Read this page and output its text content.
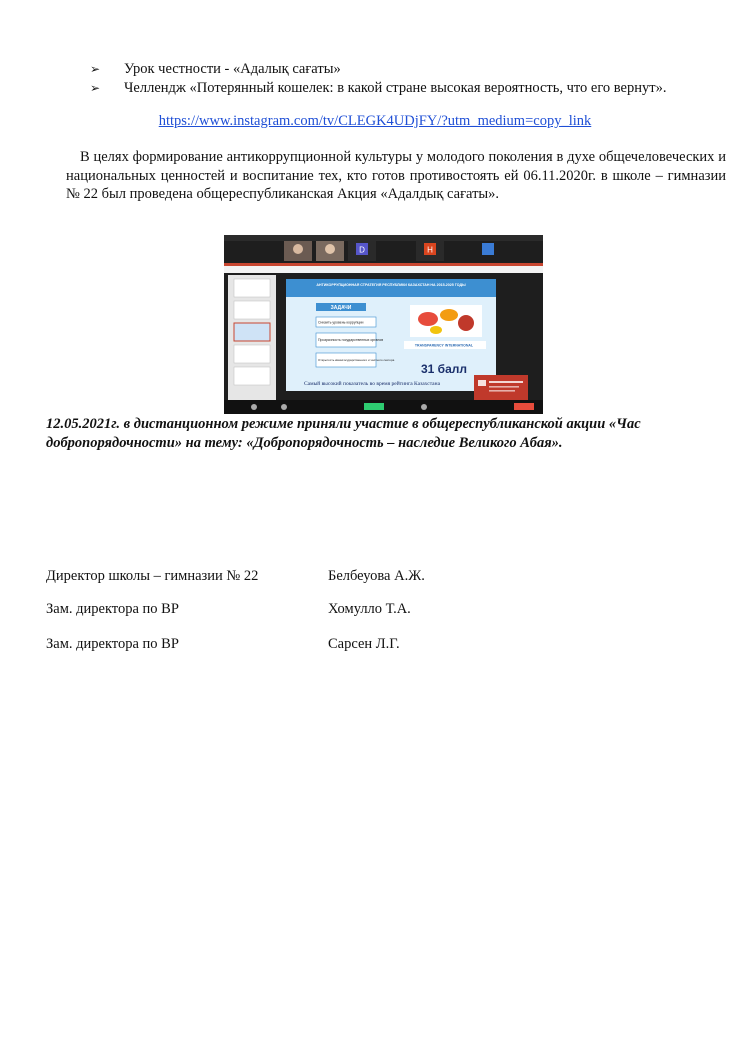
➢	Урок честности - «Адалық сағаты»
➢	Челлендж «Потерянный кошелек: в какой стране высокая вероятность, что его вернут».
https://www.instagram.com/tv/CLEGK4UDjFY/?utm_medium=copy_link
В целях формирование антикоррупционной культуры у молодого поколения в духе общечеловеческих и национальных ценностей и воспитание тех, кто готов противостоять ей 06.11.2020г. в школе – гимназии № 22 был проведена общереспубликанская Акция «Адалдық сағаты».
D	H
АНТИКОРРУПЦИОННАЯ СТРАТЕГИЯ РЕСПУБЛИКИ КАЗАХСТАН НА 2015-2025 ГОДЫ
ЗАДАЧИ
Снизить уровень коррупции
Прозрачность государственных органов
Открытость квазигосударственного и частного сектора
TRANSPARENCY INTERNATIONAL
31 балл
Самый высокий показатель во время рейтинга Казахстана
12.05.2021г. в дистанционном режиме приняли участие в общереспубликанской акции «Час добропорядочности» на тему: «Добропорядочность – наследие Великого Абая».
Директор школы – гимназии № 22	Белбеуова А.Ж.
Зам. директора по ВР	Хомулло Т.А.
Зам. директора по ВР	Сарсен Л.Г.
